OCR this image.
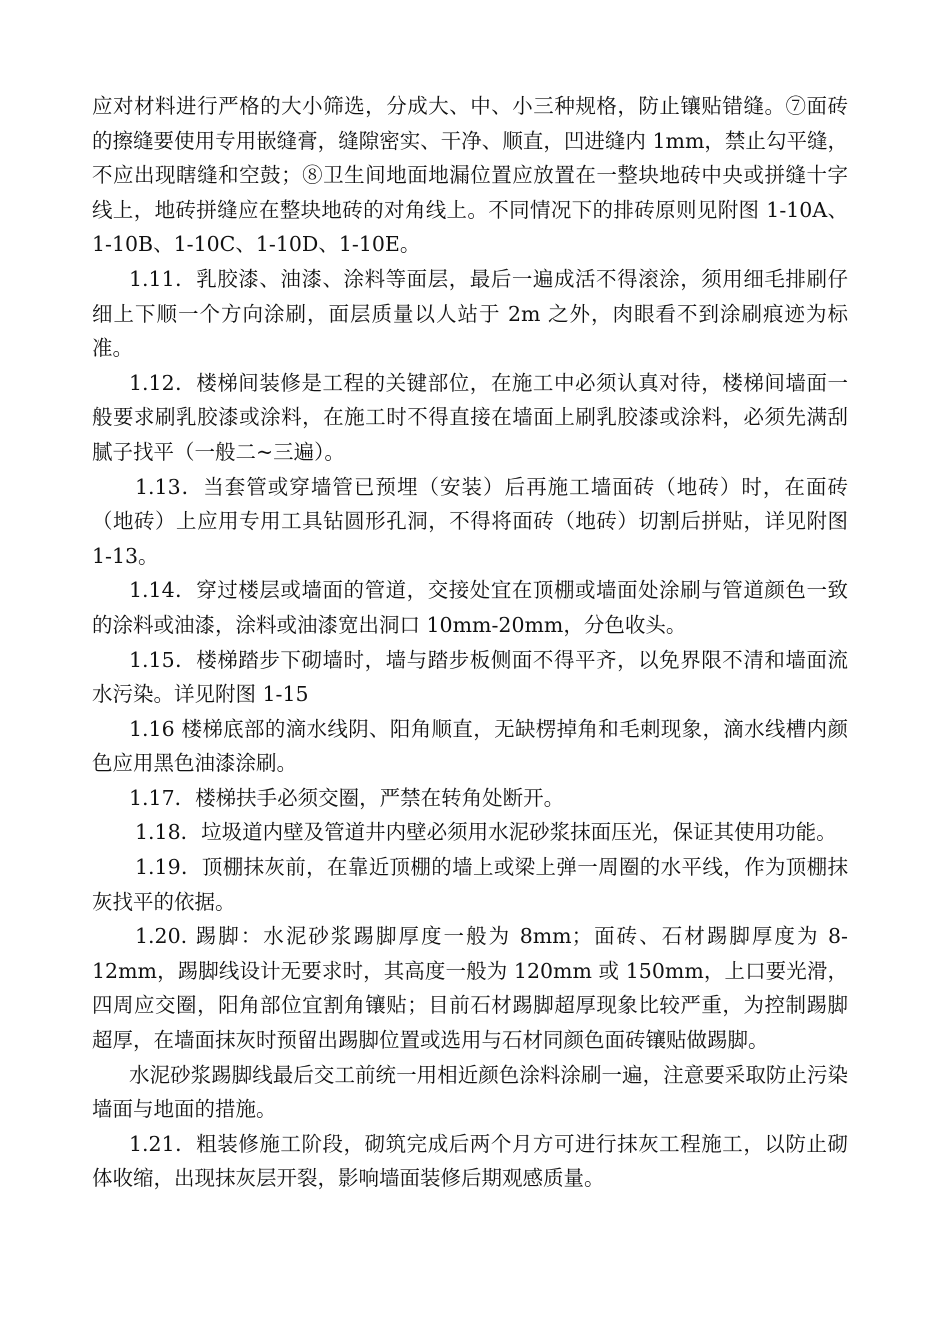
应对材料进行严格的大小筛选，分成大、中、小三种规格，防止镶贴错缝。⑦面砖的擦缝要使用专用嵌缝膏，缝隙密实、干净、顺直，凹进缝内 1mm，禁止勾平缝，不应出现瞎缝和空鼓；⑧卫生间地面地漏位置应放置在一整块地砖中央或拼缝十字线上，地砖拼缝应在整块地砖的对角线上。不同情况下的排砖原则见附图 1-10A、1-10B、1-10C、1-10D、1-10E。

1.11．乳胶漆、油漆、涂料等面层，最后一遍成活不得滚涂，须用细毛排刷仔细上下顺一个方向涂刷，面层质量以人站于 2m 之外，肉眼看不到涂刷痕迹为标准。

1.12．楼梯间装修是工程的关键部位，在施工中必须认真对待，楼梯间墙面一般要求刷乳胶漆或涂料，在施工时不得直接在墙面上刷乳胶漆或涂料，必须先满刮腻子找平（一般二~三遍）。

1.13．当套管或穿墙管已预埋（安装）后再施工墙面砖（地砖）时，在面砖（地砖）上应用专用工具钻圆形孔洞，不得将面砖（地砖）切割后拼贴，详见附图 1-13。

1.14．穿过楼层或墙面的管道，交接处宜在顶棚或墙面处涂刷与管道颜色一致的涂料或油漆，涂料或油漆宽出洞口 10mm-20mm，分色收头。

1.15．楼梯踏步下砌墙时，墙与踏步板侧面不得平齐，以免界限不清和墙面流水污染。详见附图 1-15

1.16 楼梯底部的滴水线阴、阳角顺直，无缺楞掉角和毛刺现象，滴水线槽内颜色应用黑色油漆涂刷。

1.17．楼梯扶手必须交圈，严禁在转角处断开。

1.18．垃圾道内壁及管道井内壁必须用水泥砂浆抹面压光，保证其使用功能。

1.19．顶棚抹灰前，在靠近顶棚的墙上或梁上弹一周圈的水平线，作为顶棚抹灰找平的依据。

1.20. 踢脚：水泥砂浆踢脚厚度一般为 8mm；面砖、石材踢脚厚度为 8-12mm，踢脚线设计无要求时，其高度一般为 120mm 或 150mm，上口要光滑，四周应交圈，阳角部位宜割角镶贴；目前石材踢脚超厚现象比较严重，为控制踢脚超厚，在墙面抹灰时预留出踢脚位置或选用与石材同颜色面砖镶贴做踢脚。

水泥砂浆踢脚线最后交工前统一用相近颜色涂料涂刷一遍，注意要采取防止污染墙面与地面的措施。

1.21．粗装修施工阶段，砌筑完成后两个月方可进行抹灰工程施工，以防止砌体收缩，出现抹灰层开裂，影响墙面装修后期观感质量。
